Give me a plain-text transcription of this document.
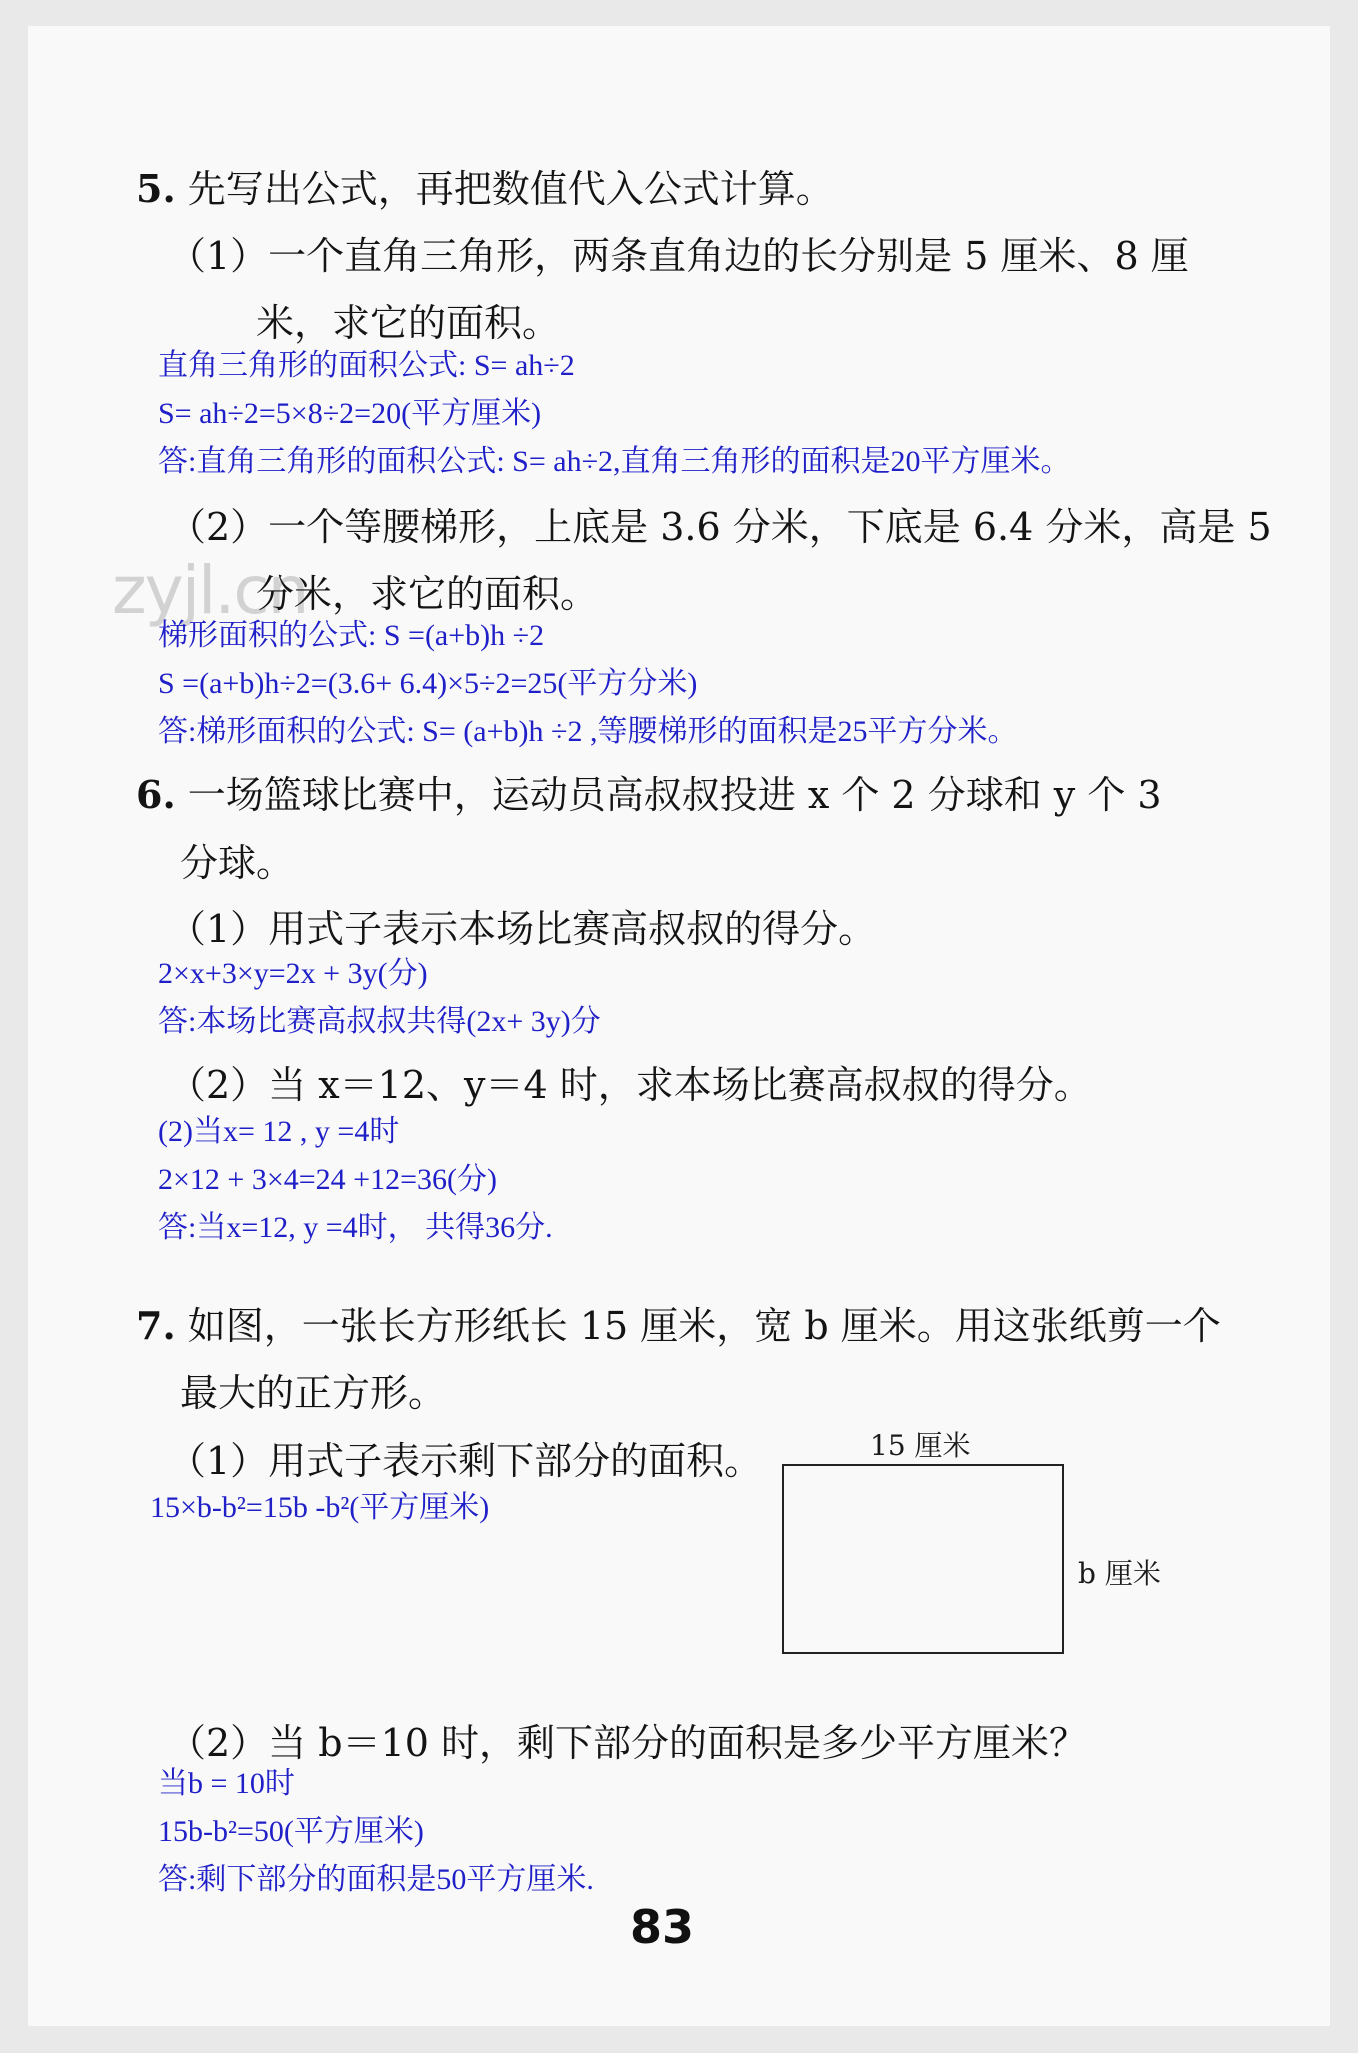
zyjl.cn
5. 先写出公式，再把数值代入公式计算。
（1）一个直角三角形，两条直角边的长分别是 5 厘米、8 厘
米，求它的面积。
直角三角形的面积公式: S= ah÷2
S= ah÷2=5×8÷2=20(平方厘米)
答:直角三角形的面积公式: S= ah÷2,直角三角形的面积是20平方厘米。
（2）一个等腰梯形，上底是 3.6 分米，下底是 6.4 分米，高是 5
分米，求它的面积。
梯形面积的公式: S =(a+b)h ÷2
S =(a+b)h÷2=(3.6+ 6.4)×5÷2=25(平方分米)
答:梯形面积的公式: S= (a+b)h ÷2 ,等腰梯形的面积是25平方分米。
6. 一场篮球比赛中，运动员高叔叔投进 x 个 2 分球和 y 个 3
分球。
（1）用式子表示本场比赛高叔叔的得分。
2×x+3×y=2x + 3y(分)
答:本场比赛高叔叔共得(2x+ 3y)分
（2）当 x＝12、y＝4 时，求本场比赛高叔叔的得分。
(2)当x= 12 , y =4时
2×12 + 3×4=24 +12=36(分)
答:当x=12, y =4时， 共得36分.
7. 如图，一张长方形纸长 15 厘米，宽 b 厘米。用这张纸剪一个
最大的正方形。
（1）用式子表示剩下部分的面积。
15×b-b²=15b -b²(平方厘米)
15 厘米
b 厘米
（2）当 b＝10 时，剩下部分的面积是多少平方厘米？
当b = 10时
15b-b²=50(平方厘米)
答:剩下部分的面积是50平方厘米.
83
